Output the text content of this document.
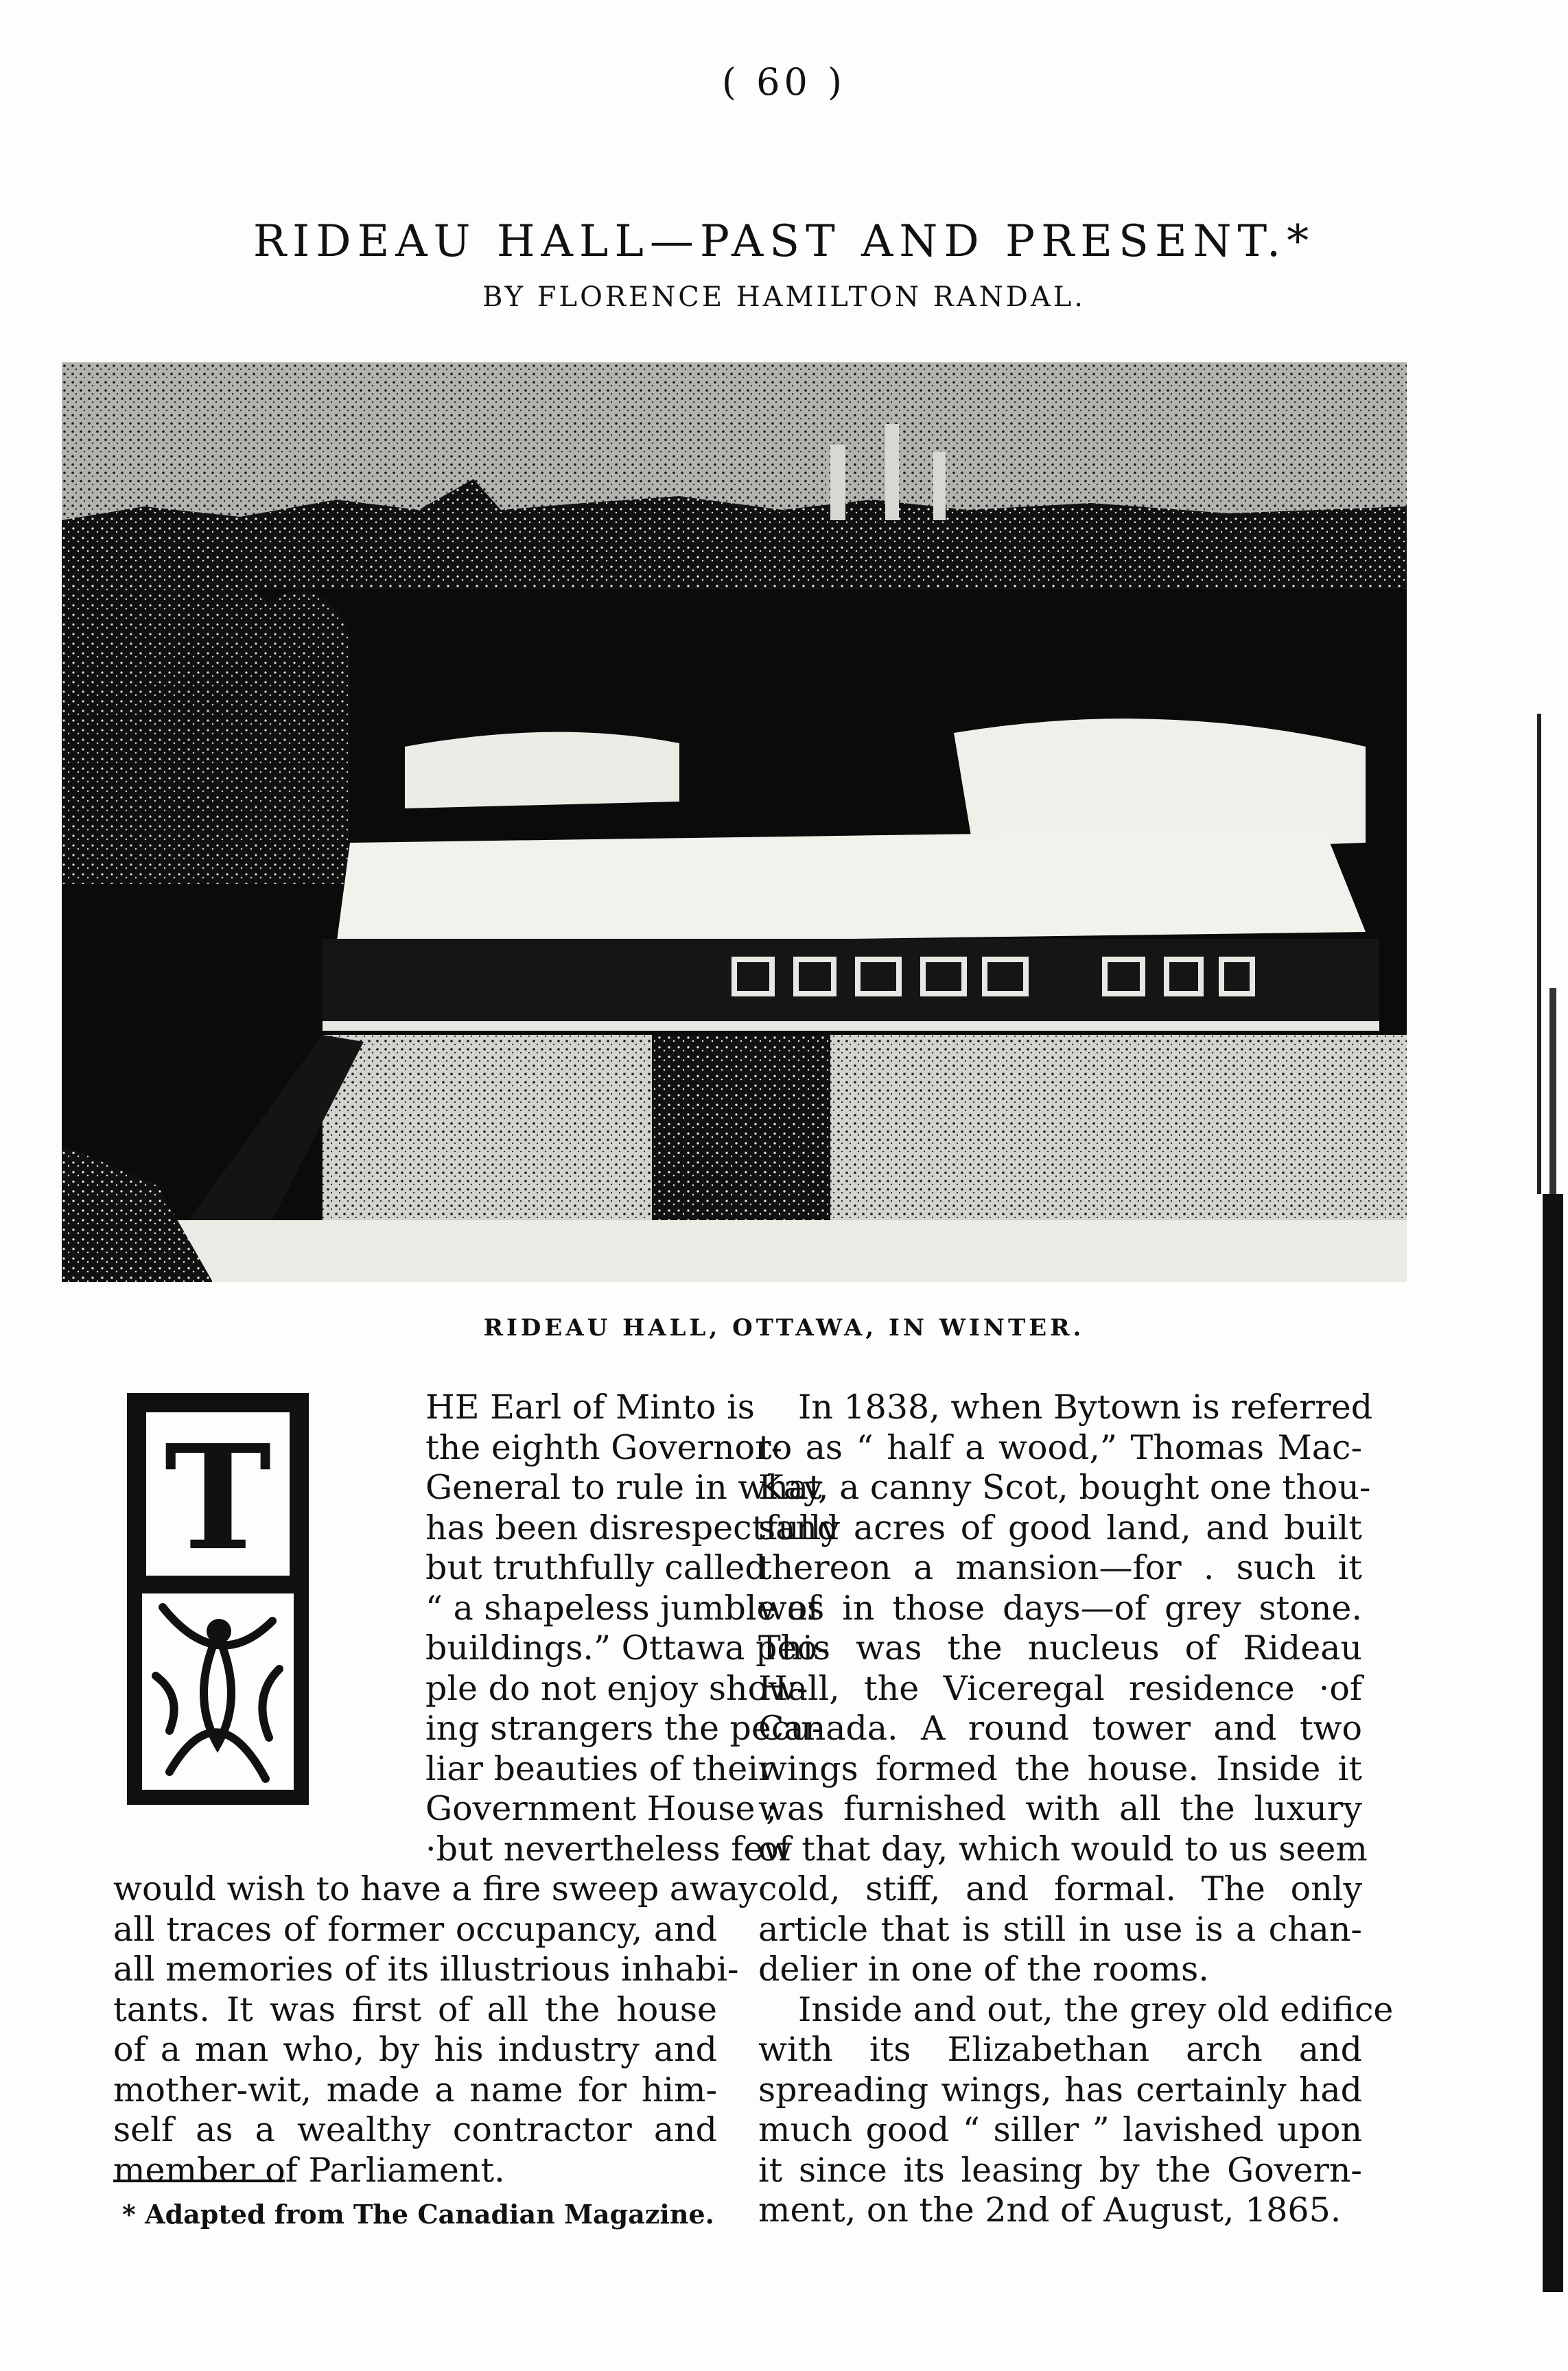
( 60 )
RIDEAU HALL—PAST AND PRESENT.*
BY FLORENCE HAMILTON RANDAL.
RIDEAU HALL, OTTAWA, IN WINTER.
T
HE Earl of Minto is
the eighth Governor-
General to rule in what
has been disrespectfully
but truthfully called
“ a shapeless jumble of
buildings.” Ottawa peo-
ple do not enjoy show-
ing strangers the pecu-
liar beauties of their
Government House ;
·but nevertheless few
would wish to have a fire sweep away
all traces of former occupancy, and
all memories of its illustrious inhabi-
tants. It was first of all the house
of a man who, by his industry and
mother-wit, made a name for him-
self as a wealthy contractor and
member of Parliament.
* Adapted from The Canadian Magazine.
In 1838, when Bytown is referred
to as “ half a wood,” Thomas Mac-
Kay, a canny Scot, bought one thou-
sand acres of good land, and built
thereon a mansion—for . such it
was in those days—of grey stone.
This was the nucleus of Rideau
Hall, the Viceregal residence ·of
Canada. A round tower and two
wings formed the house. Inside it
was furnished with all the luxury
of that day, which would to us seem
cold, stiff, and formal. The only
article that is still in use is a chan-
delier in one of the rooms.
Inside and out, the grey old edifice
with its Elizabethan arch and
spreading wings, has certainly had
much good “ siller ” lavished upon
it since its leasing by the Govern-
ment, on the 2nd of August, 1865.
